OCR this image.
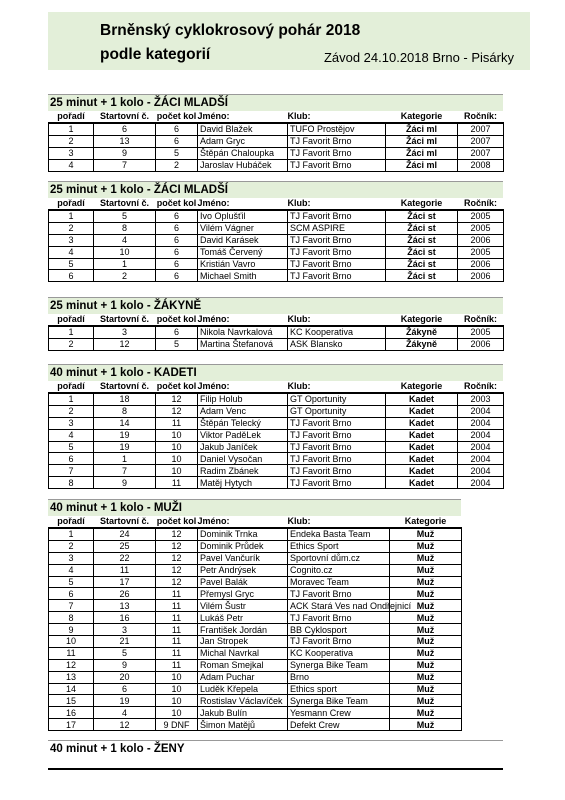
Brněnský cyklokrosový pohár 2018
podle kategorií	Závod 24.10.2018 Brno - Pisárky
25 minut + 1 kolo - ŽÁCI MLADŠÍ
pořadí	Startovní č.	počet kol	Jméno:	Klub:	Kategorie	Ročník:
1	6	6	David Blažek	TUFO Prostějov	Žáci ml	2007
2	13	6	Adam Gryc	TJ Favorit Brno	Žáci ml	2007
3	9	5	Štěpán Chaloupka	TJ Favorit Brno	Žáci ml	2007
4	7	2	Jaroslav Hubáček	TJ Favorit Brno	Žáci ml	2008
25 minut + 1 kolo - ŽÁCI MLADŠÍ
pořadí	Startovní č.	počet kol	Jméno:	Klub:	Kategorie	Ročník:
1	5	6	Ivo Oplušťil	TJ Favorit Brno	Žáci st	2005
2	8	6	Vilém Vágner	SCM ASPIRE	Žáci st	2005
3	4	6	David Karásek	TJ Favorit Brno	Žáci st	2006
4	10	6	Tomáš Červený	TJ Favorit Brno	Žáci st	2005
5	1	6	Kristián Vavro	TJ Favorit Brno	Žáci st	2006
6	2	6	Michael Smith	TJ Favorit Brno	Žáci st	2006
25 minut + 1 kolo - ŽÁKYNĚ
pořadí	Startovní č.	počet kol	Jméno:	Klub:	Kategorie	Ročník:
1	3	6	Nikola Navrkalová	KC Kooperativa	Žákyně	2005
2	12	5	Martina Štefanová	ASK Blansko	Žákyně	2006
40 minut + 1 kolo - KADETI
pořadí	Startovní č.	počet kol	Jméno:	Klub:	Kategorie	Ročník:
1	18	12	Filip Holub	GT Oportunity	Kadet	2003
2	8	12	Adam Venc	GT Oportunity	Kadet	2004
3	14	11	Štěpán Telecký	TJ Favorit Brno	Kadet	2004
4	19	10	Viktor PaděLek	TJ Favorit Brno	Kadet	2004
5	19	10	Jakub Janíček	TJ Favorit Brno	Kadet	2004
6	1	10	Daniel Vysočan	TJ Favorit Brno	Kadet	2004
7	7	10	Radim Zbánek	TJ Favorit Brno	Kadet	2004
8	9	11	Matěj Hytych	TJ Favorit Brno	Kadet	2004
40 minut + 1 kolo - MUŽI
pořadí	Startovní č.	počet kol	Jméno:	Klub:	Kategorie
1	24	12	Dominik Trnka	Endeka Basta Team	Muž
2	25	12	Dominik Průdek	Ethics Sport	Muž
3	22	12	Pavel Vančurík	Sportovní dům.cz	Muž
4	11	12	Petr Andrýsek	Cognito.cz	Muž
5	17	12	Pavel Balák	Moravec Team	Muž
6	26	11	Přemysl Gryc	TJ Favorit Brno	Muž
7	13	11	Vilém Šustr	ACK Stará Ves nad Ondřejnicí	Muž
8	16	11	Lukáš Petr	TJ Favorit Brno	Muž
9	3	11	František Jordán	BB Cyklosport	Muž
10	21	11	Jan Stropek	TJ Favorit Brno	Muž
11	5	11	Michal Navrkal	KC Kooperativa	Muž
12	9	11	Roman Smejkal	Synerga Bike Team	Muž
13	20	10	Adam Puchar	Brno	Muž
14	6	10	Luděk Křepela	Ethics sport	Muž
15	19	10	Rostislav Václavíček	Synerga Bike Team	Muž
16	4	10	Jakub Bulín	Yesmann Crew	Muž
17	12	9 DNF	Šimon Matějů	Defekt Crew	Muž
40 minut + 1 kolo - ŽENY
